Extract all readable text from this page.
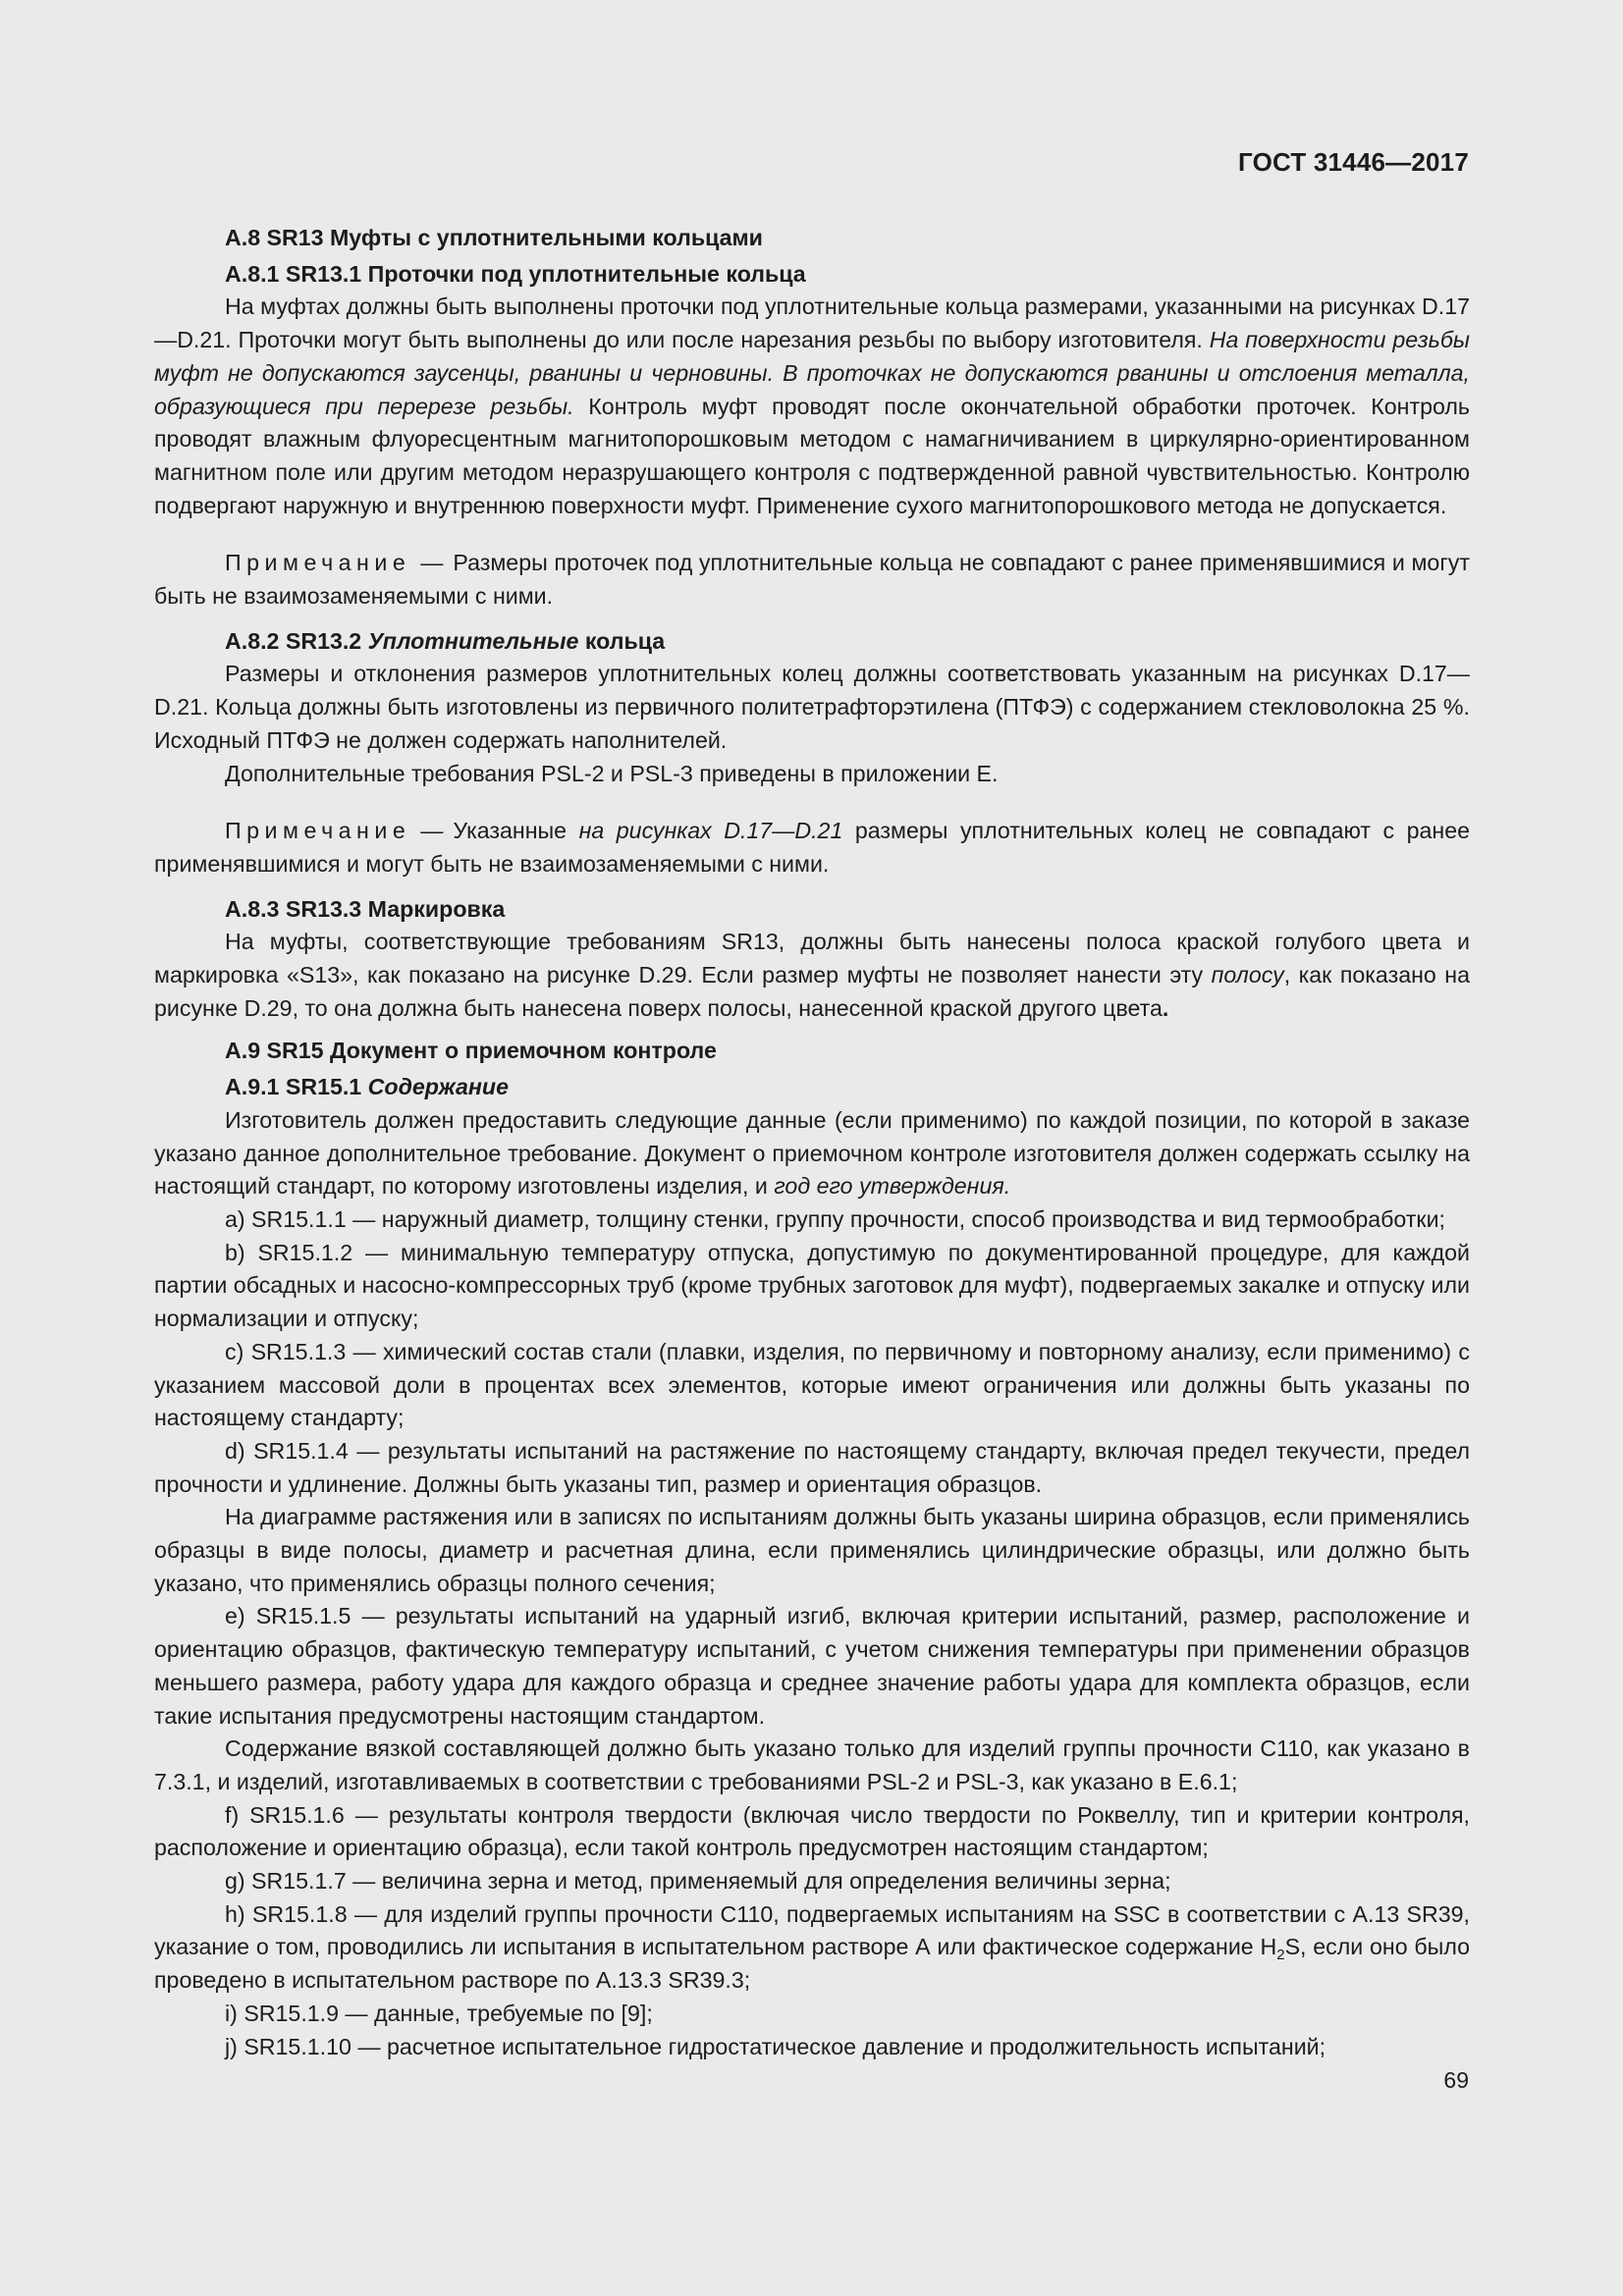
ГОСТ 31446—2017
А.8 SR13 Муфты с уплотнительными кольцами
А.8.1 SR13.1 Проточки под уплотнительные кольца

На муфтах должны быть выполнены проточки под уплотнительные кольца размерами, указанными на рисунках D.17—D.21. Проточки могут быть выполнены до или после нарезания резьбы по выбору изготовителя. На поверхности резьбы муфт не допускаются заусенцы, рванины и черновины. В проточках не допускаются рванины и отслоения металла, образующиеся при перерезе резьбы. Контроль муфт проводят после окончательной обработки проточек. Контроль проводят влажным флуоресцентным магнитопорошковым методом с намагничиванием в циркулярно-ориентированном магнитном поле или другим методом неразрушающего контроля с подтвержденной равной чувствительностью. Контролю подвергают наружную и внутреннюю поверхности муфт. Применение сухого магнитопорошкового метода не допускается.

Примечание — Размеры проточек под уплотнительные кольца не совпадают с ранее применявшимися и могут быть не взаимозаменяемыми с ними.

А.8.2 SR13.2 Уплотнительные кольца

Размеры и отклонения размеров уплотнительных колец должны соответствовать указанным на рисунках D.17—D.21. Кольца должны быть изготовлены из первичного политетрафторэтилена (ПТФЭ) с содержанием стекловолокна 25 %. Исходный ПТФЭ не должен содержать наполнителей.

Дополнительные требования PSL-2 и PSL-3 приведены в приложении Е.

Примечание — Указанные на рисунках D.17—D.21 размеры уплотнительных колец не совпадают с ранее применявшимися и могут быть не взаимозаменяемыми с ними.

А.8.3 SR13.3 Маркировка

На муфты, соответствующие требованиям SR13, должны быть нанесены полоса краской голубого цвета и маркировка «S13», как показано на рисунке D.29. Если размер муфты не позволяет нанести эту полосу, как показано на рисунке D.29, то она должна быть нанесена поверх полосы, нанесенной краской другого цвета.

А.9 SR15 Документ о приемочном контроле
А.9.1 SR15.1 Содержание

Изготовитель должен предоставить следующие данные (если применимо) по каждой позиции, по которой в заказе указано данное дополнительное требование. Документ о приемочном контроле изготовителя должен содержать ссылку на настоящий стандарт, по которому изготовлены изделия, и год его утверждения.

а) SR15.1.1 — наружный диаметр, толщину стенки, группу прочности, способ производства и вид термообработки;

b) SR15.1.2 — минимальную температуру отпуска, допустимую по документированной процедуре, для каждой партии обсадных и насосно-компрессорных труб (кроме трубных заготовок для муфт), подвергаемых закалке и отпуску или нормализации и отпуску;

c) SR15.1.3 — химический состав стали (плавки, изделия, по первичному и повторному анализу, если применимо) с указанием массовой доли в процентах всех элементов, которые имеют ограничения или должны быть указаны по настоящему стандарту;

d) SR15.1.4 — результаты испытаний на растяжение по настоящему стандарту, включая предел текучести, предел прочности и удлинение. Должны быть указаны тип, размер и ориентация образцов.

На диаграмме растяжения или в записях по испытаниям должны быть указаны ширина образцов, если применялись образцы в виде полосы, диаметр и расчетная длина, если применялись цилиндрические образцы, или должно быть указано, что применялись образцы полного сечения;

е) SR15.1.5 — результаты испытаний на ударный изгиб, включая критерии испытаний, размер, расположение и ориентацию образцов, фактическую температуру испытаний, с учетом снижения температуры при применении образцов меньшего размера, работу удара для каждого образца и среднее значение работы удара для комплекта образцов, если такие испытания предусмотрены настоящим стандартом.

Содержание вязкой составляющей должно быть указано только для изделий группы прочности С110, как указано в 7.3.1, и изделий, изготавливаемых в соответствии с требованиями PSL-2 и PSL-3, как указано в Е.6.1;

f) SR15.1.6 — результаты контроля твердости (включая число твердости по Роквеллу, тип и критерии контроля, расположение и ориентацию образца), если такой контроль предусмотрен настоящим стандартом;

g) SR15.1.7 — величина зерна и метод, применяемый для определения величины зерна;

h) SR15.1.8 — для изделий группы прочности С110, подвергаемых испытаниям на SSC в соответствии с А.13 SR39, указание о том, проводились ли испытания в испытательном растворе А или фактическое содержание $H_2S$, если оно было проведено в испытательном растворе по А.13.3 SR39.3;

i) SR15.1.9 — данные, требуемые по [9];

j) SR15.1.10 — расчетное испытательное гидростатическое давление и продолжительность испытаний;

69
